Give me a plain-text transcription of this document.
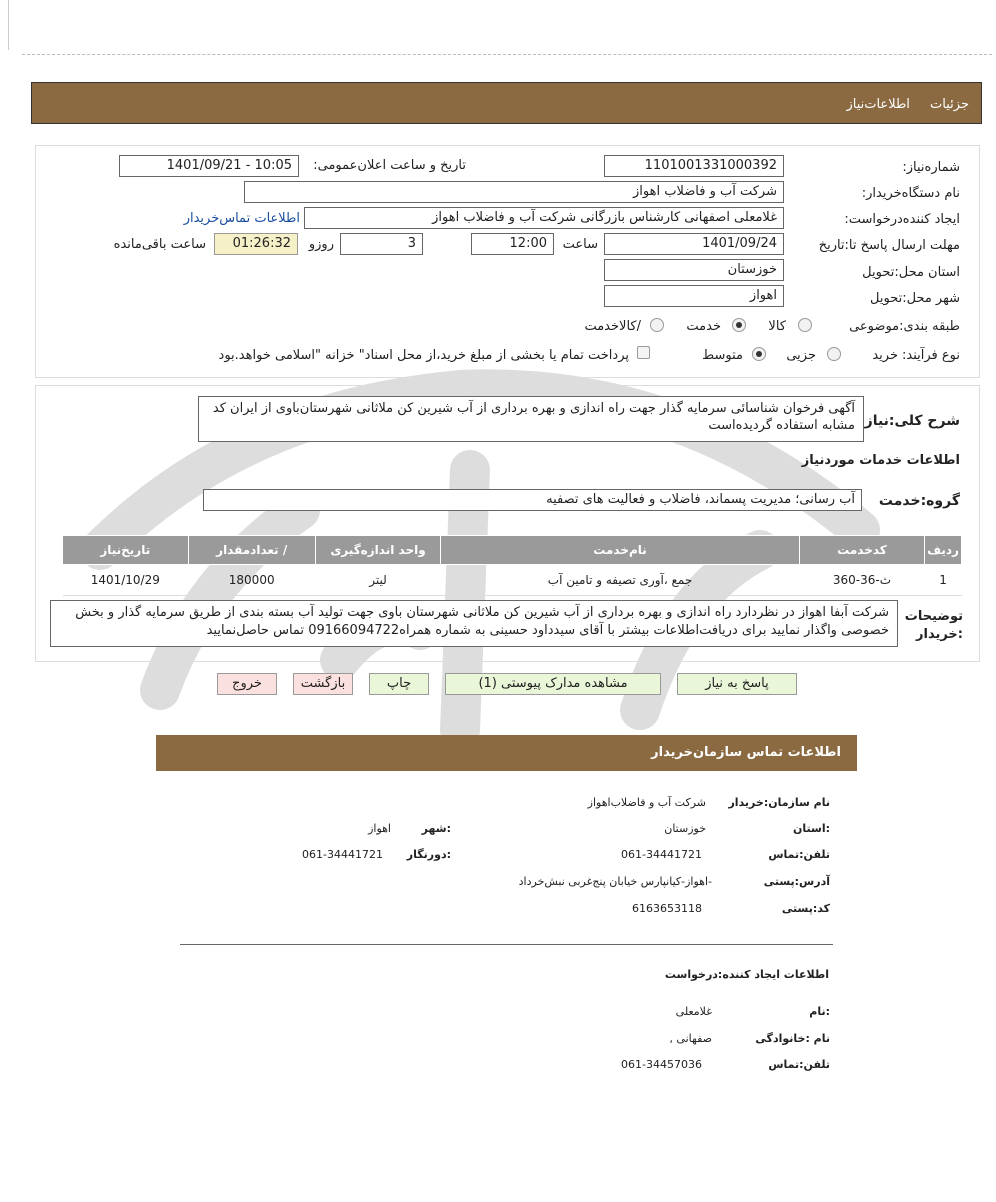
جزئیات اطلاعات‌نیاز
شماره‌نیاز:
1101001331000392
تاریخ و ساعت اعلان‌عمومی:
1401/09/21 - 10:05
نام دستگاه‌خریدار:
شرکت آب و فاضلاب اهواز
ایجاد کننده‌درخواست:
غلامعلی اصفهانی کارشناس بازرگانی شرکت آب و فاضلاب اهواز
اطلاعات تماس‌خریدار
مهلت ارسال پاسخ تا‌:تاریخ
1401/09/24
ساعت
12:00
3
روزو
01:26:32
ساعت باقی‌مانده
استان محل‌:تحویل
خوزستان
شهر محل‌:تحویل
اهواز
طبقه بندی‌:موضوعی
کالا
خدمت
/کالاخدمت
نوع فرآیند‌:
خرید
جزیی
متوسط
پرداخت تمام یا بخشی از مبلغ خرید،از محل اسناد" خزانه "اسلامی خواهد.بود
شرح کلی‌:نیاز
آگهی فرخوان شناسائی سرمایه گذار جهت راه اندازی و بهره برداری از آب شیرین کن ملاثانی شهرستان‌باوی از ایران کد مشابه استفاده گردیده‌است
اطلاعات خدمات مورد‌نیاز
گروه‌:خدمت
آب رسانی؛ مدیریت پسماند، فاضلاب و فعالیت های تصفیه
ردیف	کدخدمت	نام‌خدمت	واحد اندازه‌گیری	/ تعداد‌مقدار	تاریخ‌نیاز
1	ث-36-360	جمع ،آوری تصیفه و تامین آب	لیتر	180000	1401/10/29
توضیحات :خریدار
شرکت آبفا اهواز در نظردارد راه اندازی و بهره برداری از آب شیرین کن ملاثانی شهرستان باوی جهت تولید آب بسته بندی از طریق سرمایه گذار و بخش خصوصی واگذار نمایید برای دریافت‌اطلاعات بیشتر با آقای سیدداود حسینی به شماره همراه09166094722 تماس حاصل‌نمایید
پاسخ به نیاز
مشاهده مدارک پیوستی (1)
چاپ
بازگشت
خروج
اطلاعات تماس سازمان‌خریدار
نام سازمان‌:خریدار
شرکت آب و فاضلاب‌اهواز
:استان
خوزستان
:شهر
اهواز
تلفن‌:تماس
061-34441721
:دورنگار
061-34441721
آدرس‌:پستی
-اهواز-کیانپارس خیابان پنج‌غربی نبش‌خرداد
کد‌:پستی
6163653118
اطلاعات ایجاد کننده‌:درخواست
:نام
غلامعلی
نام :خانوادگی
صفهانی ,
تلفن‌:تماس
061-34457036
